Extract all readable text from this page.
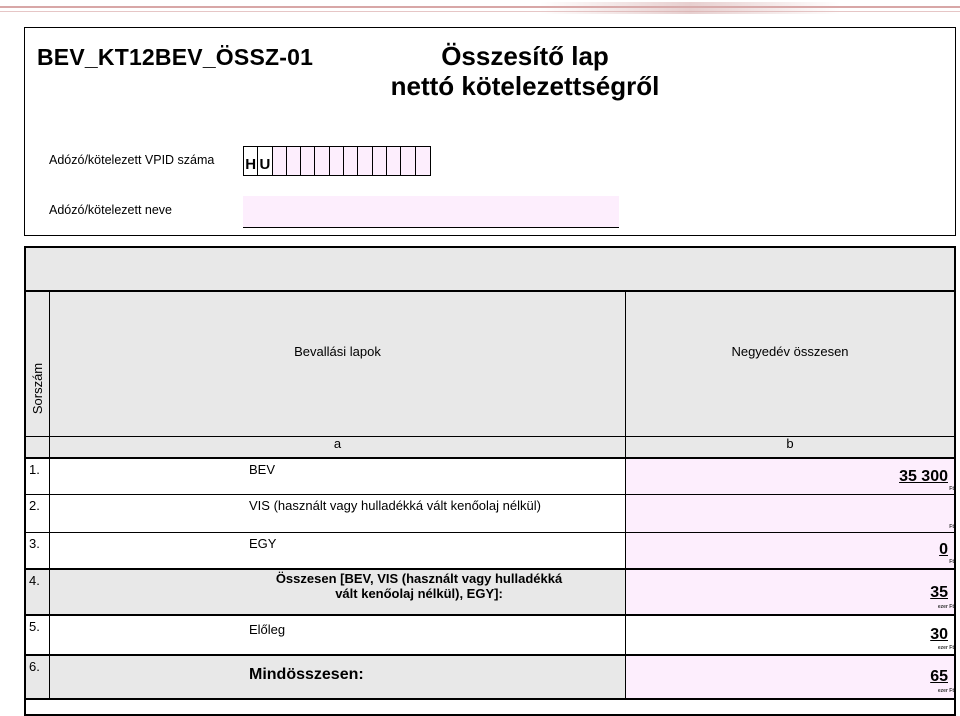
BEV_KT12BEV_ÖSSZ-01	Összesítő lap
nettó kötelezettségről
Adózó/kötelezett VPID száma H U
Adózó/kötelezett neve
Sorszám
Bevallási lapok	Negyedév összesen
a	b
1.	BEV	35 300
Ft
2.	VIS (használt vagy hulladékká vált kenőolaj nélkül)
Ft
3.	EGY	0
Ft
4.	Összesen [BEV, VIS (használt vagy hulladékká
vált kenőolaj nélkül), EGY]:	35
ezer Ft
5.	Előleg	30
ezer Ft
6.	Mindösszesen:	65
ezer Ft
